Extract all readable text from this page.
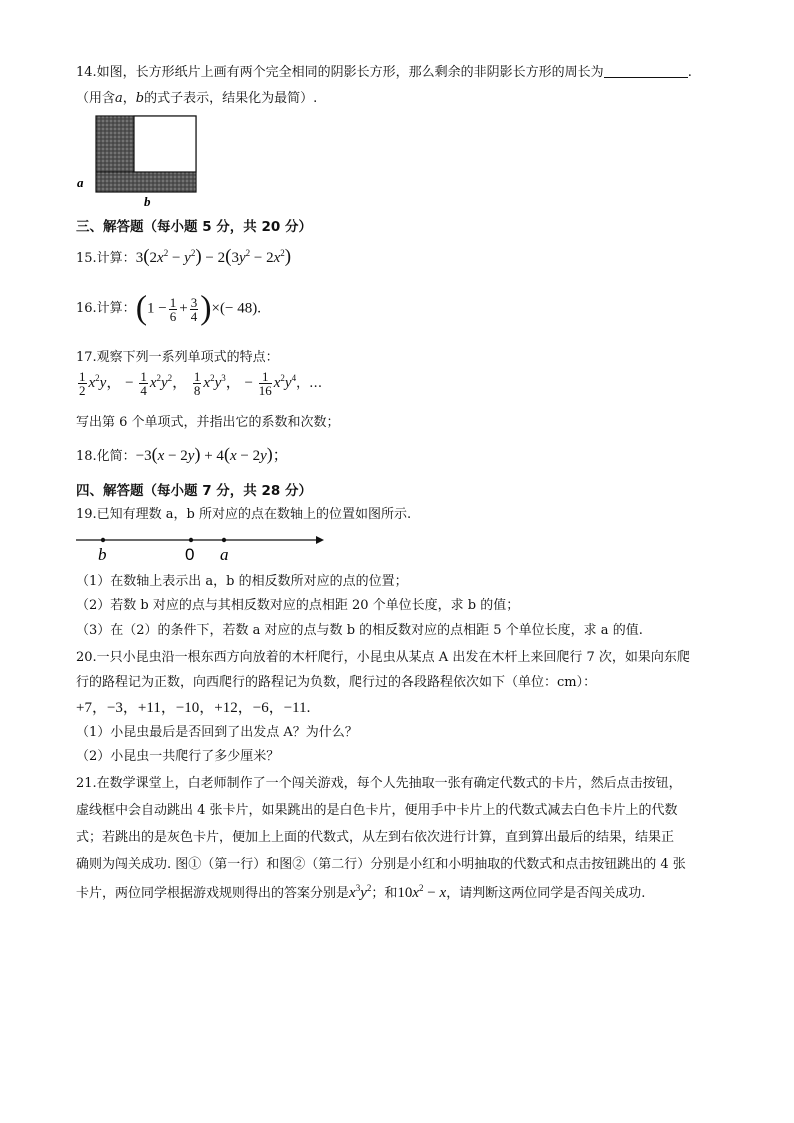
14.如图，长方形纸片上画有两个完全相同的阴影长方形，那么剩余的非阴影长方形的周长为	.
（用含a，b的式子表示，结果化为最简）.
a
b
三、解答题（每小题 5 分，共 20 分）
15.计算：$3(2x^2 - y^2) - 2(3y^2 - 2x^2)$
16.计算：($1 - \frac{1}{6} + \frac{3}{4}$ )×(− 48).
17.观察下列一系列单项式的特点：
$\frac{1}{2} x^2y$， − $\frac{1}{4} x^2y^2$， $\frac{1}{8} x^2y^3$， − $\frac{1}{16} x^2y^4$，…
写出第 6 个单项式，并指出它的系数和次数；
18.化简：−3(x − 2y) + 4(x − 2y)；
四、解答题（每小题 7 分，共 28 分）
19.已知有理数 a，b 所对应的点在数轴上的位置如图所示.
b	0 a
（1）在数轴上表示出 a，b 的相反数所对应的点的位置；
（2）若数 b 对应的点与其相反数对应的点相距 20 个单位长度，求 b 的值；
（3）在（2）的条件下，若数 a 对应的点与数 b 的相反数对应的点相距 5 个单位长度，求 a 的值.
20.一只小昆虫沿一根东西方向放着的木杆爬行，小昆虫从某点 A 出发在木杆上来回爬行 7 次，如果向东爬
行的路程记为正数，向西爬行的路程记为负数，爬行过的各段路程依次如下（单位：cm）：
+7，−3，+11，−10，+12，−6，−11.
（1）小昆虫最后是否回到了出发点 A？为什么？
（2）小昆虫一共爬行了多少厘米？
21.在数学课堂上，白老师制作了一个闯关游戏，每个人先抽取一张有确定代数式的卡片，然后点击按钮，
虚线框中会自动跳出 4 张卡片，如果跳出的是白色卡片，便用手中卡片上的代数式减去白色卡片上的代数
式；若跳出的是灰色卡片，便加上上面的代数式，从左到右依次进行计算，直到算出最后的结果，结果正
确则为闯关成功. 图①（第一行）和图②（第二行）分别是小红和小明抽取的代数式和点击按钮跳出的 4 张
卡片，两位同学根据游戏规则得出的答案分别是$x^3y^2$；和$10x^2 - x$，请判断这两位同学是否闯关成功.
